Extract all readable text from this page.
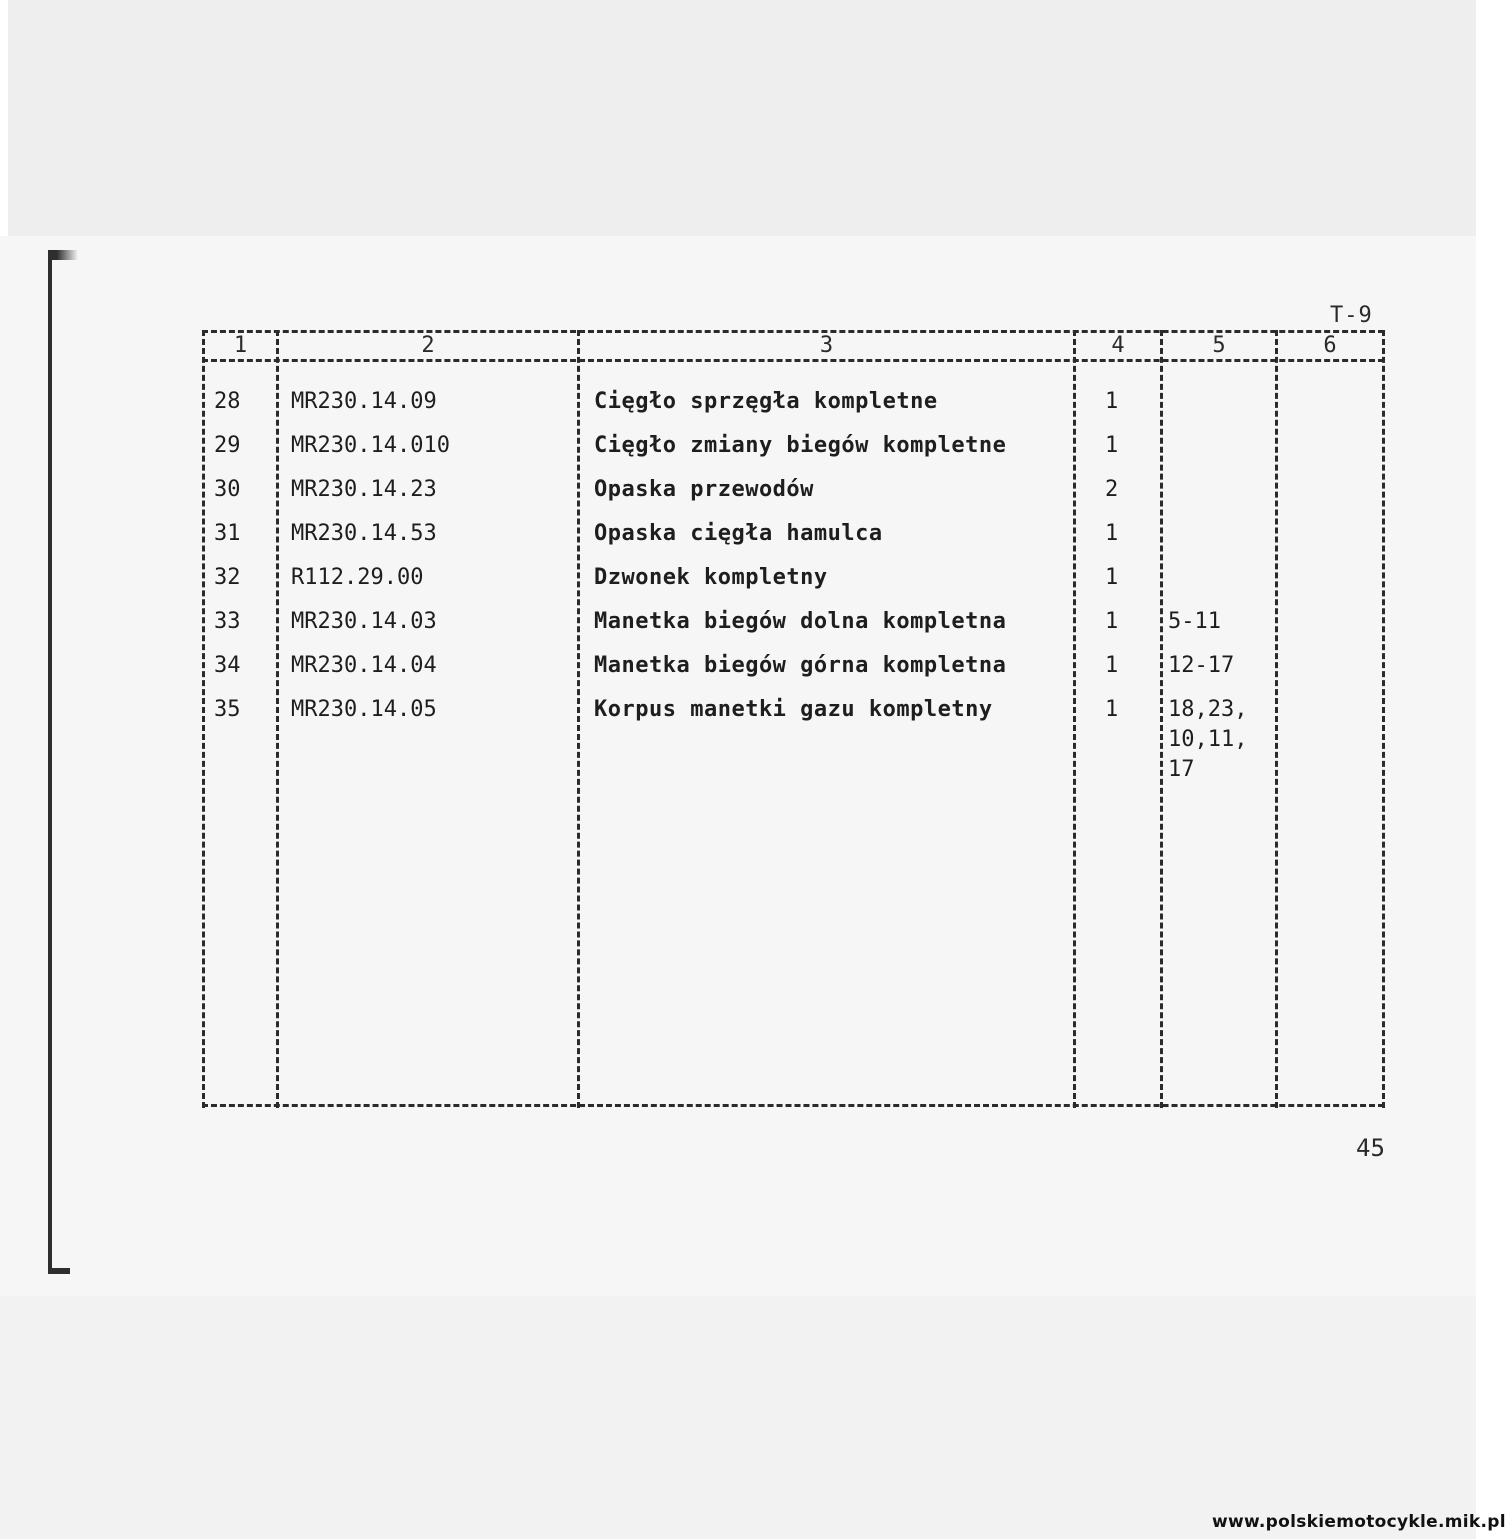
T-9
1	2	3	4	5	6
28 MR230.14.09	Cięgło sprzęgła kompletne	1
29 MR230.14.010	Cięgło zmiany biegów kompletne	1
30 MR230.14.23	Opaska przewodów	2
31 MR230.14.53	Opaska cięgła hamulca	1
32 R112.29.00	Dzwonek kompletny	1
33 MR230.14.03	Manetka biegów dolna kompletna	1 5-11
34 MR230.14.04	Manetka biegów górna kompletna	1 12-17
35 MR230.14.05	Korpus manetki gazu kompletny	1 18,23,
10,11,
17
45
www.polskiemotocykle.mik.pl
